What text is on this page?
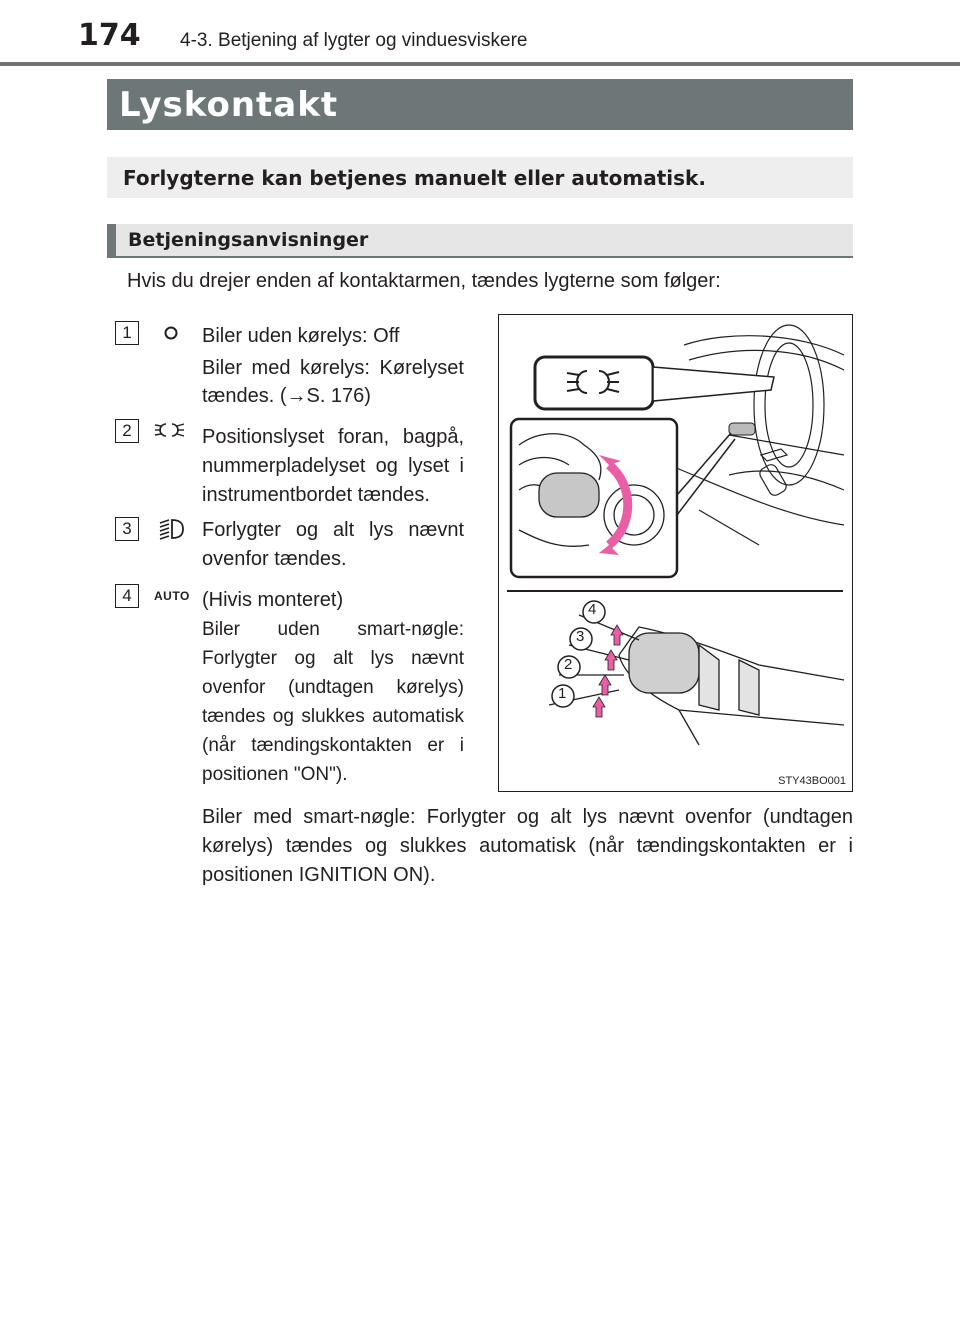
174 4-3. Betjening af lygter og vinduesviskere
Lyskontakt
Forlygterne kan betjenes manuelt eller automatisk.
Betjeningsanvisninger
Hvis du drejer enden af kontaktarmen, tændes lygterne som følger:
1	Biler uden kørelys: Off
Biler med kørelys: Kørelyset tændes. (→S. 176)
2	Positionslyset foran, bagpå, nummerpladelyset og lyset i instrumentbordet tændes.
3	Forlygter og alt lys nævnt ovenfor tændes.
4	AUTO (Hivis monteret)
Biler uden smart-nøgle: Forlygter og alt lys nævnt ovenfor (undtagen kørelys) tændes og slukkes automatisk (når tændingskontakten er i positionen "ON").
4
3
2
1
STY43BO001
Biler med smart-nøgle: Forlygter og alt lys nævnt ovenfor (undtagen kørelys) tændes og slukkes automatisk (når tændingskontakten er i positionen IGNITION ON).
